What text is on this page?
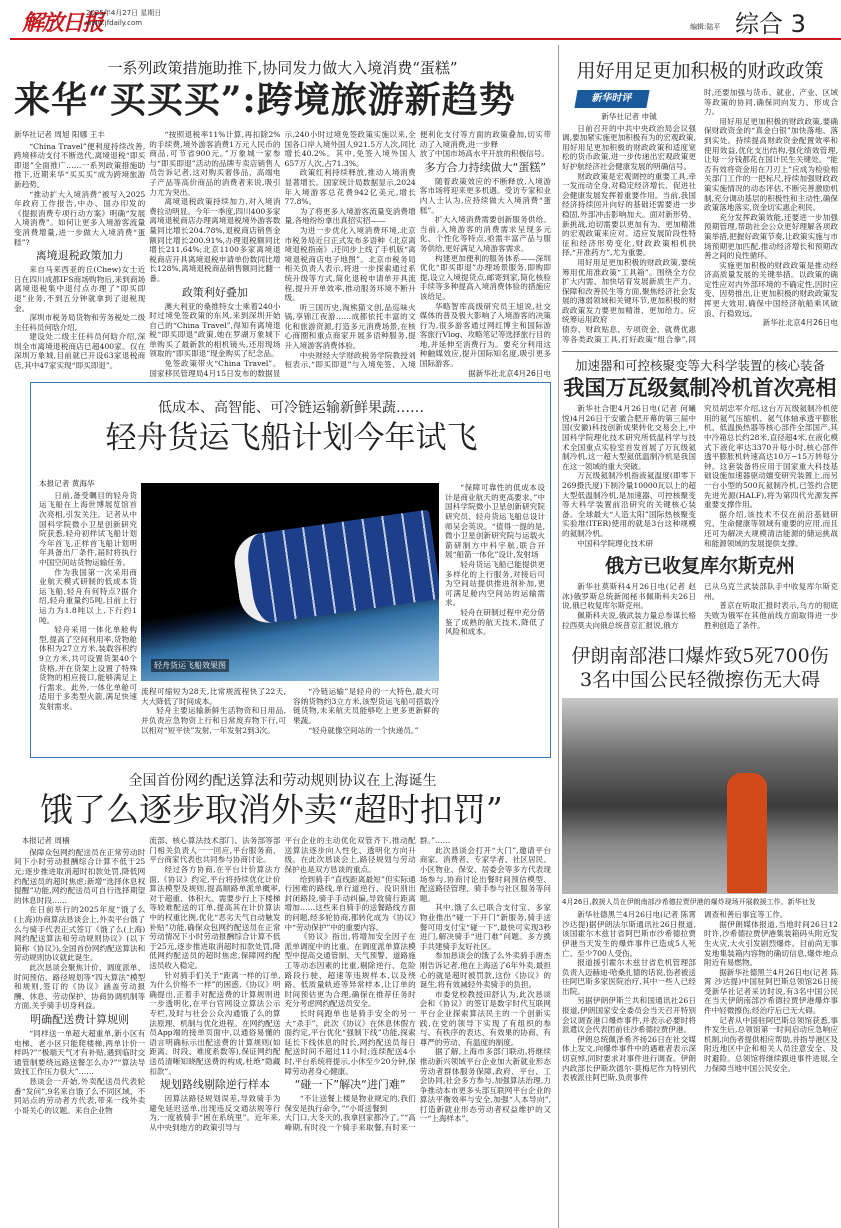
解放日报
2025年4月27日 星期日
www.jfdaily.com	编辑:陆平 综合 3
一系列政策措施助推下,协同发力做大入境消费“蛋糕”
来华“买买买”:跨境旅游新趋势

新华社记者 周旭 阳娜 王丰

“China Travel”便利度持续改善,跨境移动支付不断迭代,离境退税“即买即退”全面推广……一系列政策措施助推下,近期来华“买买买”成为跨境旅游新趋势。

“推动扩大入境消费”被写入2025年政府工作报告,中办、国办印发的《提振消费专项行动方案》明确“发展入境消费”。如何让更多入境游客流量变消费增量,进一步做大入境消费“蛋糕”?

离境退税政策加力

来自马来西亚的丘(Chew)女士近日在四川成都IFS商场购物后,来到商场离境退税集中退付点办理了“即买即退”业务,不到五分钟就拿到了退税现金。

深圳市税务局货物和劳务税处二级主任科员何晗介绍,

建设处二级主任科员何晗介绍,深圳全市离境退税商店已超400家。仅在深圳万象城,目前就已开设63家退税商店,其中47家实现“即买即退”。

“按照退税率11%计算,再扣除2%的手续费,境外游客消费1万元人民币的商品,可节省900元。”万象城一家参与“即买即退”活动的品牌专卖店销售人员告诉记者,这对购买奢侈品、高端电子产品等高价商品的消费者来说,吸引力尤为突出。

离境退税政策持续加力,对入境消费拉动明显。今年一季度,四川400多家离境退税商店办理离境退税境外游客数量同比增长204.78%,退税商店销售金额同比增长200.91%,办理退税额同比增长211.64%;北京1100多家离境退税商店开具离境退税申请单份数同比增长128%,离境退税商品销售额同比翻一番。

政策利好叠加

澳大利亚的桑推特女士乘着240小时过境免签政策的东风,来到深圳开始自己的“China Travel”,得知有离境退税“即买即退”政策,她在罗湖万象城下单购买了最新款的相机镜头,还用现场领取的“即买即退”现金购买了纪念品。

免签政策带火“China Travel”。国家移民管理局4月15日发布的数据显示,240小时过境免签政策实施以来,全国各口岸入境外国人921.5万人次,同比增长40.2%。其中,免签入境外国人657万人次,占71.3%。

政策红利持续释放,推动入境消费显著增长。国家统计局数据显示,2024年入境游客总花费942亿美元,增长77.8%。

为了将更多入境游客流量变消费增量,各地纷纷拿出真招实招——

为进一步优化入境消费环境,北京市税务局近日正式发布多语种《北京离境退税指南》,还同步上线了手机版“离境退税商店电子地图”。北京市税务局相关负责人表示,将进一步探索通过系统升级等方式,简化退税申请单开具流程,提升开单效率,推动服务环境不断升级。

听三国历史,淘熊猫文创,品巡味火锅,享锦江夜游……成都依托丰富的文化和旅游资源,打造多元消费场景,在核心商圈和重点商家开展多语种服务,提升入境游客消费体验。

中央财经大学财政税务学院教授刘桓表示,“即买即退”与入境免签、入境便利化支付等方面的政策叠加,切实带动了入境消费,进一步释

放了中国市场高水平开放的积极信号。

多方合力持续做大“蛋糕”

随着政策效应的不断释放,入境游客市场将迎来更多机遇。受访专家和业内人士认为,应持续做大入境消费“蛋糕”。

扩大入境消费需要创新服务供给。当前,入境游客的消费需求呈现多元化、个性化等特点,亟需丰富产品与服务供给,更好满足入境游客需求。

构建更加便利的服务体系——深圳优化“即买即退”办理场景服务,即购即提,设立入境提货点,邮寄到家,简化核验手续等多种提高入境消费体验的措施应该给足。

华略智库高级研究员王旭说,社交媒体的普及极大影响了入境游客的决策行为,很多游客通过网红博主和国际游客旅行Vlog、攻略笔记等选择旅行目的地,并延伸至消费行为。要充分利用这种触媒效应,提升国际知名度,吸引更多国际游客。

据新华社北京4月26日电

低成本、高智能、可冷链运输新鲜果蔬……
轻舟货运飞船计划今年试飞

本报记者 黄海华

日前,备受瞩目的轻舟货运飞船在上海世博展览馆首次亮相,引发关注。记者从中国科学院微小卫星创新研究院获悉,轻舟初样试飞船计划今年首飞,正样首飞船计划明年具备出厂条件,届时将执行中国空间站货物运输任务。

作为我国第一次采用商业航天模式研制的低成本货运飞船,轻舟有何特点?据介绍,轻舟重量约5吨,目前上行运力为1.8吨以上,下行约1吨。

轻舟采用一体化单舱构型,提高了空间利用率,货物舱体积为27立方米,装载容积约9立方米,共可设置货架40个货格,并在货架上设置了特殊货物的相应接口,能够满足上行需求。此外,一体化单舱可适用于多类型火箭,满足快速发射需求。

轻舟货运飞船效果图

流程可缩短为28天,比常规流程快了22天,大大降低了时间成本。

轻舟主要运输新鲜生活物资和日用品,并负责应急物资上行和日常废弃物下行,可以相对“短平快”发射,一年发射2到3次。

“冷链运输”是轻舟的一大特色,最大可容纳货物约3立方米,该型货运飞船可搭载冷链货物,未来航天员能够吃上更多更新鲜的果蔬。

“轻舟就像空间站的一个快递员。”

“保障可靠性的低成本设计是商业航天的更高要求。”中国科学院微小卫星创新研究院研究员、轻舟货运飞船总设计师吴会英说。“值得一提的是,微小卫星创新研究院与运载火箭研制方中科宇航,联合开展“船箭一体化”设计,发射场

轻舟货运飞船已能提供更多样化的上行服务,对接后可为空间站提供推进剂补加,更可满足舱内空间站的运输需求。

轻舟在研制过程中充分借鉴了成熟的航天技术,降低了风险和成本。

全国首份网约配送算法和劳动规则协议在上海诞生
饿了么逐步取消外卖“超时扣罚”

本报记者 周楠

保障众包网约配送员在正常劳动时间下小时劳动报酬综合计算不低于25元;逐步推进取消超时扣款处罚,降低网约配送员的超时焦虑;新增“选择休息权提醒”功能,网约配送员可自行选择期望的休息时段……

在日前举行的2025年度“饿了么(上海)协商算法恳谈会上,外卖平台饿了么与骑手代表正式签订《饿了么(上海)网约配送算法和劳动规则协议》(以下简称《协议》),全国首份网约配送算法和劳动规则协议就此诞生。

此次恳谈会聚焦计价、调度派单、时间预估、路径规划等“四大算法”模型和规则,签订的《协议》涵盖劳动报酬、休息、劳动保护、协商协调机制等方面,关乎骑手切身利益。

明确配送费计算规则

“同样送一单超大超重单,新小区有电梯、老小区只能爬楼梯,两单计价一样吗?”“极端天气才有补贴,遇到临时交通管制要绕远路送餐怎么办?”“算法导致找工作压力很大”……

恳谈会一开始,外卖配送员代表轮番“发问”,9名来自饿了么不同区域、不同站点的劳动者方代表,带来一线外卖小哥关心的议题。来自企业物

流部、核心算法技术部门、法务部等部门相关负责人一一回应,平台服务商、平台商家代表也共同参与协商讨论。

经过各方协商,在平台计价算法方面,《协议》约定,平台将持续优化计价算法模型及规则,提高顺路单派单概率,对于超重、体积大、需要步行上下楼梯等较难配送的订单,提高其在计价算法中的权重比例,优化“恶劣天气自动触发补贴”功能,确保众包网约配送员在正常劳动情况下小时劳动报酬综合计算不低于25元,逐步推进取消超时扣款处罚,降低网约配送员的超时焦虑,保障网约配送员收入稳定。

针对骑手们关于“距离一样的订单,为什么价格不一样”的困惑,《协议》明确提出,正着手对配送费的计算规则进一步透明化,在平台官网设立算法公示专栏,及时与社会公众沟通饿了么的算法原理、机制与优化进程。在网约配送员App端的接单页面中,以通俗易懂的语言明确标示出配送费的计算规则(如距离、时段、难度系数等),保证网约配送员清晰知晓配送费的构成,杜绝“隐藏扣款”。

规划路线剔除逆行样本

因算法路径规划误差,导致骑手为避免延迟送单,出现违反交通法规等行为,一度被骑手“困在系统里”。近年来,从中央到地方的政策引导与

平台企业的主动优化双管齐下,推动配送算法逐步向人性化、透明化方向升级。在此次恳谈会上,路径规划与劳动保护也是双方恳谈的重点。

给到骑手“直线距离最短”但实际通行困难的路线,单行道逆行、没识别出封闭路段,骑手手动纠偏,导致骑行距离增加……这些来自骑手的送餐路线方面的问题,经多轮协商,都转化成为《协议》中“劳动保护”中的重要内容。

《协议》指出,将增加安全因子在派单调度中的比重。在调度派单算法模型中提高交通管制、天气预警、道路施工等动态因素的比重,剔除逆行、危险路段行驶、超速等违规样本,以及绕路、低质量轨迹等异常样本,让订单的时间预估更为合理,确保在推荐任务时充分考虑网约配送员安全。

长时间跑单也是骑手安全的另一大“杀手”。此次《协议》在休息休假方面约定,平台优化“强制下线”功能,探索延长下线休息的时长,网约配送员每日配送时间不超过11小时;连续配送4小时,平台系统将提示,小休至少20分钟,保障劳动者身心健康。

“碰一下”解决“进门难”

“不让送餐上楼是物业规定的,我们保安是执行命令。”“小哥送餐到

大门口,大冬天的,我拿回家都冷了。”“高峰期,有时没一个骑手来取餐,有时来一群。”……

此次恳谈会打开“大门”,邀请平台商家、消费者、专家学者、社区居民、小区物业、保安、居委会等多方代表现场参与,协商讨论出餐时间预估模型、配送路径管理、骑手参与社区服务等问题。

其中,饿了么已联合支付宝、多家物业推出“碰一下开门”新服务,骑手送餐可用支付宝“碰一下”,最快可实现3秒进门,解决骑手“进门难”问题。多方携手共建骑手友好社区。

参加恳谈会的饿了么外卖骑手唐杰刚告诉记者,他在上海送了6年外卖,最担心的就是超时被罚款,这份《协议》的诞生,将有效减轻外卖骑手的负担。

市委党校教授田舒认为,此次恳谈会和《协议》的签订是数字时代互联网平台企业探索算法民主的一个创新实践,在党的领导下实现了有组织的参与、有秩序的表达、有效果的协商、有尊严的劳动、有温度的制度。

据了解,上海市多部门联动,将继续推动新兴领域平台企业加大新就业形态劳动者群体服务保障,政府、平台、工会协同,社会多方参与,加强算法治理,力争推动本市更多头部互联网平台企业的算法平衡效率与安全,加强“人本导向”,打造新就业形态劳动者权益维护的又一“上海样本”。

用好用足更加积极的财政政策
新华时评

新华社记者 申铖

日前召开的中共中央政治局会议强调,要加紧实施更加积极有为的宏观政策,用好用足更加积极的财政政策和适度宽松的货币政策,进一步传递出宏观政策更好护航经济社会健康发展的明确信号。

财政政策是宏观调控的重要工具,牵一发而动全身,对稳定经济增长、促进社会健康发展发挥着重要作用。当前,我国经济持续回升向好的基础还需要进一步稳固,外部冲击影响加大。面对新形势、新挑战,迫切需要以更加有为、更加精准的宏观政策来应对。适应发展阶段性特征和经济形势变化,财政政策相机抉择,“开准药方”,尤为重要。

用好用足更加积极的财政政策,要统筹用优用准政策“工具箱”。围绕全方位扩大内需、加快培育发展新质生产力、保障和改善民生等方面,聚焦经济社会发展的薄弱领域和关键环节,更加积极的财政政策发力要更加精准、更加给力。应统筹运用政府

债券、财政贴息、专项资金、就费优惠等各类政策工具,打好政策“组合拳”,同时,还要加强与货币、就业、产业、区域等政策的协同,确保同向发力、形成合力。

用好用足更加积极的财政政策,要确保财政资金的“真金白银”加快落地、落到实处。持续提高财政资金配置效率和使用效益,优化支出结构,强化绩效管理,让每一分钱都花在国计民生关键处。“能否有效将资金用在刀刃上”应成为检验相关部门工作的一把标尺,持续加强财政政策实施情况的动态评估,不断完善激励机制,充分调动基层的积极性和主动性,确保政策落地落实,资金切实惠企利民。

充分发挥政策效能,还要进一步加强预期管理,帮助社会公众更好理解各项政策举措,把握好政策节奏,让政策实施与市场预期更加匹配,推动经济增长和预期改善之间的良性循环。

实施更加积极的财政政策是推动经济高质量发展的关键举措。以政策的确定性应对内外部环境的不确定性,因时应变、因势推出,让更加积极的财政政策发挥更大效用,确保中国经济航船乘风破浪、行稳致远。

新华社北京4月26日电

加速器和可控核聚变等大科学装置的核心装备
我国万瓦级氦制冷机首次亮相

新华社合肥4月26日电(记者 何曦悦)4月26日于安徽合肥开幕的第三届中国(安徽)科技创新成果转化交易会上,中国科学院理化技术研究所低温科学与技术全国重点实验室首发首展了万瓦级氦制冷机,这一超大型氦低温制冷机是我国在这一领域的重大突破。

万瓦级氦制冷机指液氦温度(即零下269摄氏度)下制冷量10000瓦以上的超大型低温制冷机,是加速器、可控核聚变等大科学装置前沿研究的关键核心装备。全球最大“人造太阳”国际热核聚变实验堆(ITER)使用的就是3台这种规模的氦制冷机。

中国科学院理化技术研

究员胡忠军介绍,这台万瓦级氦制冷机使用的氦气压缩机、氦气体轴承透平膨胀机、低温换热器等核心部件全部国产,其中冷箱总长约28米,直径超4米,在液化模式下液化率达3370升每小时,核心部件透平膨胀机转速高达10万~15万转每分钟。这套装备将应用于国家重大科技基础设施加速器驱动嬗变研究装置上,而另一台小型的500瓦氦制冷机,已签约合肥先进光源(HALF),将为第四代光源发挥重要支撑作用。

据介绍,该技术不仅在前沿基础研究、生命健康等领域有重要的应用,而且还可为解决大规模清洁能源的储运挑战和能源领域的发展提供支撑。

俄方已收复库尔斯克州

新华社莫斯科4月26日电(记者 赵冰)俄罗斯总统新闻秘书佩斯科夫26日说,俄已收复库尔斯克州。

佩斯科夫说,俄武装力量总参谋长格拉西莫夫向俄总统普京汇报说,俄方

已从乌克兰武装部队手中收复库尔斯克州。

普京在听取汇报时表示,乌方的彻底失败为俄军在其他前线方面取得进一步胜利创造了条件。

伊朗南部港口爆炸致5死700伤
3名中国公民轻微擦伤无大碍
4月26日,救援人员在伊朗南部沙希德拉贾伊港的爆炸现场开展救援工作。新华社发

新华社德黑兰4月26日电(记者 陈霄 沙达提)据伊朗法尔斯通讯社26日报道,该国霍尔木兹甘省阿巴斯市沙希德拉贾伊港当天发生的爆炸事件已造成5人死亡、至少700人受伤。

报道援引霍尔木兹甘省危机管理部负责人迈赫迪·哈桑扎德的话说,伤者被送往阿巴斯多家医院治疗,其中一些人已经出院。

另据伊朗伊斯兰共和国通讯社26日报道,伊朗国家安全委员会当天召开特别会议调查港口爆炸事件,并表示必要时将派遣议会代表团前往沙希德拉贾伊港。

伊朗总统佩泽希齐扬26日在社交媒体上发文,向爆炸事件中的遇难者表示深切哀悼,同时要求对事件进行调查。伊朗内政部长伊斯坎德尔·莫梅尼作为特别代表被派往阿巴斯,负责事件

调查和善后事宜等工作。

据伊朗媒体报道,当地时间26日12时许,沙希德拉贾伊港集装箱码头附近发生火灾,大火引发剧烈爆炸。目前尚无事发地集装箱内容物的确切信息,爆炸地点附近有易燃物。

据新华社德黑兰4月26日电(记者 陈霄 沙达提)中国驻阿巴斯总领馆26日接受新华社记者采访时说,有3名中国公民在当天伊朗南部沙希德拉贾伊港爆炸事件中轻微擦伤,经治疗后已无大碍。

记者从中国驻阿巴斯总领馆获悉,事件发生后,总领馆第一时间启动应急响应机制,向伤者提供相应帮助,并指导港区及附近地区中企和相关人员注意安全、及时避险。总领馆将继续跟进事件进展,全力保障当地中国公民安全。
